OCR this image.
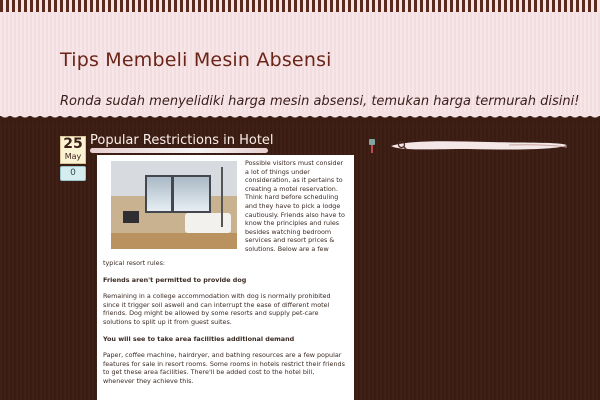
Tips Membeli Mesin Absensi

Ronda sudah menyelidiki harga mesin absensi, temukan harga termurah disini!

25
May
0
Popular Restrictions in Hotel

Possible visitors must consider a lot of things under consideration, as it pertains to creating a motel reservation. Think hard before scheduling and they have to pick a lodge cautiously. Friends also have to know the principles and rules besides watching bedroom services and resort prices & solutions. Below are a few

typical resort rules:

Friends aren't permitted to provide dog

Remaining in a college accommodation with dog is normally prohibited since it trigger soil aswell and can interrupt the ease of different motel friends. Dog might be allowed by some resorts and supply pet-care solutions to split up it from guest suites.

You will see to take area facilities additional demand

Paper, coffee machine, hairdryer, and bathing resources are a few popular features for sale in resort rooms. Some rooms in hotels restrict their friends to get these area facilities. There'll be added cost to the hotel bill, whenever they achieve this.
